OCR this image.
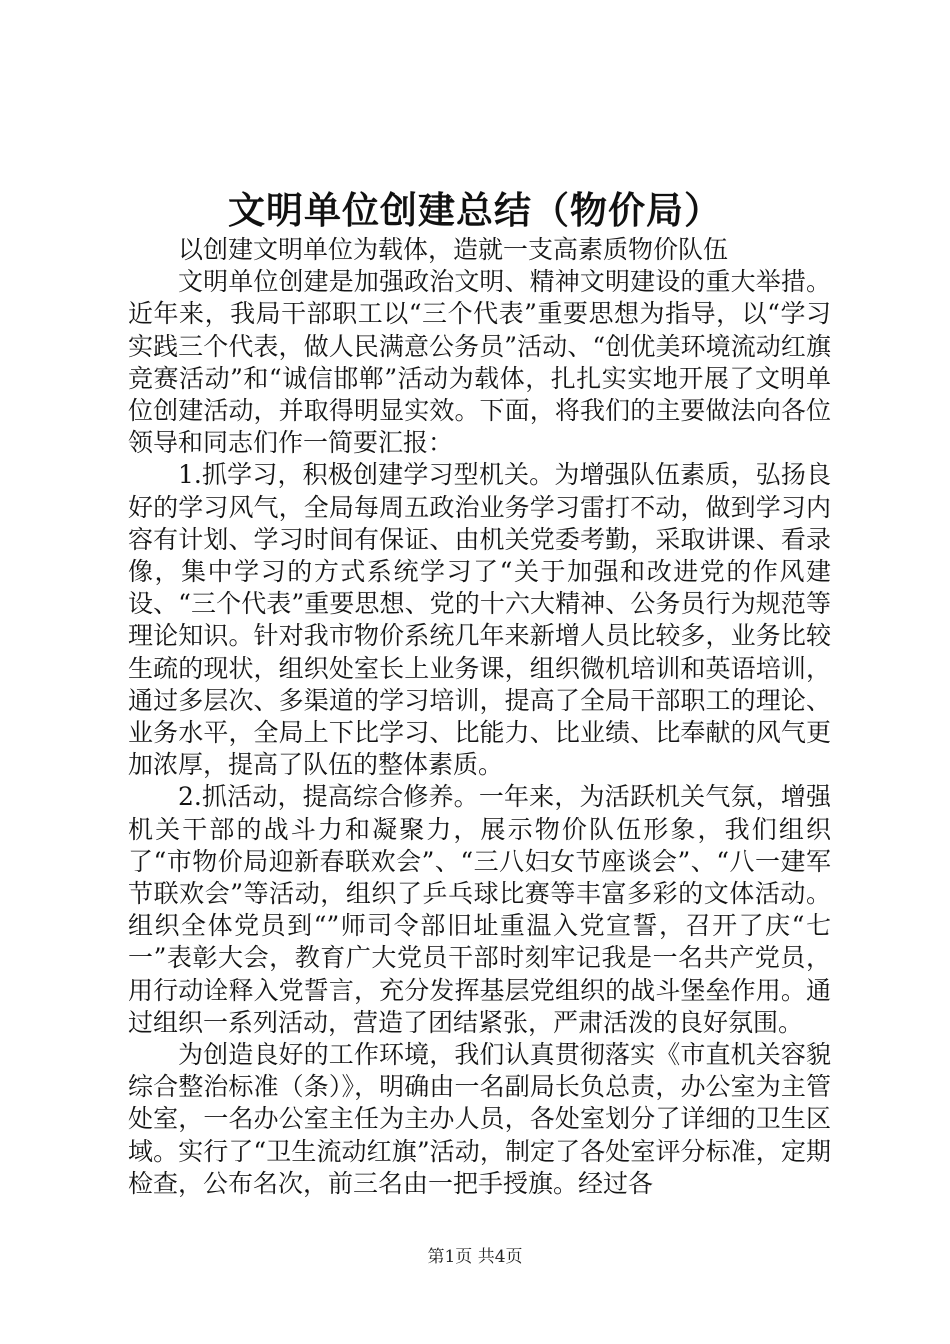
文明单位创建总结（物价局）

以创建文明单位为载体，造就一支高素质物价队伍

文明单位创建是加强政治文明、精神文明建设的重大举措。近年来，我局干部职工以“三个代表”重要思想为指导，以“学习实践三个代表，做人民满意公务员”活动、“创优美环境流动红旗竞赛活动”和“诚信邯郸”活动为载体，扎扎实实地开展了文明单位创建活动，并取得明显实效。下面，将我们的主要做法向各位领导和同志们作一简要汇报：

1.抓学习，积极创建学习型机关。为增强队伍素质，弘扬良好的学习风气，全局每周五政治业务学习雷打不动，做到学习内容有计划、学习时间有保证、由机关党委考勤，采取讲课、看录像，集中学习的方式系统学习了“关于加强和改进党的作风建设、“三个代表”重要思想、党的十六大精神、公务员行为规范等理论知识。针对我市物价系统几年来新增人员比较多，业务比较生疏的现状，组织处室长上业务课，组织微机培训和英语培训，通过多层次、多渠道的学习培训，提高了全局干部职工的理论、业务水平，全局上下比学习、比能力、比业绩、比奉献的风气更加浓厚，提高了队伍的整体素质。

2.抓活动，提高综合修养。一年来，为活跃机关气氛，增强机关干部的战斗力和凝聚力，展示物价队伍形象，我们组织了“市物价局迎新春联欢会”、“三八妇女节座谈会”、“八一建军节联欢会”等活动，组织了乒乓球比赛等丰富多彩的文体活动。组织全体党员到“”师司令部旧址重温入党宣誓，召开了庆“七一”表彰大会，教育广大党员干部时刻牢记我是一名共产党员，用行动诠释入党誓言，充分发挥基层党组织的战斗堡垒作用。通过组织一系列活动，营造了团结紧张，严肃活泼的良好氛围。

为创造良好的工作环境，我们认真贯彻落实《市直机关容貌综合整治标准（条）》，明确由一名副局长负总责，办公室为主管处室，一名办公室主任为主办人员，各处室划分了详细的卫生区域。实行了“卫生流动红旗”活动，制定了各处室评分标准，定期检查，公布名次，前三名由一把手授旗。经过各

第1页 共4页
